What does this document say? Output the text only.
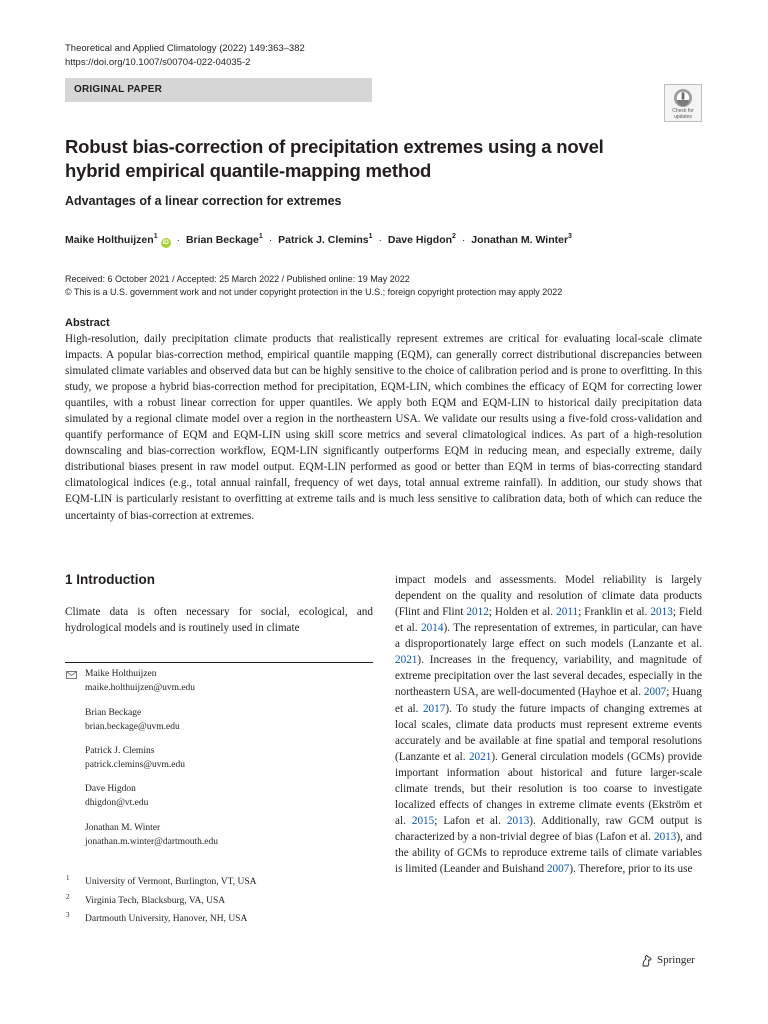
Theoretical and Applied Climatology (2022) 149:363–382
https://doi.org/10.1007/s00704-022-04035-2
ORIGINAL PAPER
Check for
updates
Robust bias-correction of precipitation extremes using a novel
hybrid empirical quantile-mapping method
Advantages of a linear correction for extremes
Maike Holthuijzen$^1$iD · Brian Beckage$^1$ · Patrick J. Clemins$^1$ · Dave Higdon$^2$ · Jonathan M. Winter$^3$
Received: 6 October 2021 / Accepted: 25 March 2022 / Published online: 19 May 2022
© This is a U.S. government work and not under copyright protection in the U.S.; foreign copyright protection may apply 2022
Abstract
High-resolution, daily precipitation climate products that realistically represent extremes are critical for evaluating local-scale climate impacts. A popular bias-correction method, empirical quantile mapping (EQM), can generally correct distributional discrepancies between simulated climate variables and observed data but can be highly sensitive to the choice of calibration period and is prone to overfitting. In this study, we propose a hybrid bias-correction method for precipitation, EQM-LIN, which combines the efficacy of EQM for correcting lower quantiles, with a robust linear correction for upper quantiles. We apply both EQM and EQM-LIN to historical daily precipitation data simulated by a regional climate model over a region in the northeastern USA. We validate our results using a five-fold cross-validation and quantify performance of EQM and EQM-LIN using skill score metrics and several climatological indices. As part of a high-resolution downscaling and bias-correction workflow, EQM-LIN significantly outperforms EQM in reducing mean, and especially extreme, daily distributional biases present in raw model output. EQM-LIN performed as good or better than EQM in terms of bias-correcting standard climatological indices (e.g., total annual rainfall, frequency of wet days, total annual extreme rainfall). In addition, our study shows that EQM-LIN is particularly resistant to overfitting at extreme tails and is much less sensitive to calibration data, both of which can reduce the uncertainty of bias-correction at extremes.
1 Introduction
Climate data is often necessary for social, ecological, and hydrological models and is routinely used in climate
impact models and assessments. Model reliability is largely dependent on the quality and resolution of climate data products (Flint and Flint 2012; Holden et al. 2011; Franklin et al. 2013; Field et al. 2014). The representation of extremes, in particular, can have a disproportionately large effect on such models (Lanzante et al. 2021). Increases in the frequency, variability, and magnitude of extreme precipitation over the last several decades, especially in the northeastern USA, are well-documented (Hayhoe et al. 2007; Huang et al. 2017). To study the future impacts of changing extremes at local scales, climate data products must represent extreme events accurately and be available at fine spatial and temporal resolutions (Lanzante et al. 2021). General circulation models (GCMs) provide important information about historical and future larger-scale climate trends, but their resolution is too coarse to investigate localized effects of changes in extreme climate events (Ekström et al. 2015; Lafon et al. 2013). Additionally, raw GCM output is characterized by a non-trivial degree of bias (Lafon et al. 2013), and the ability of GCMs to reproduce extreme tails of climate variables is limited (Leander and Buishand 2007). Therefore, prior to its use
Maike Holthuijzen
maike.holthuijzen@uvm.edu
Brian Beckage
brian.beckage@uvm.edu
Patrick J. Clemins
patrick.clemins@uvm.edu
Dave Higdon
dhigdon@vt.edu
Jonathan M. Winter
jonathan.m.winter@dartmouth.edu
1 University of Vermont, Burlington, VT, USA
2 Virginia Tech, Blacksburg, VA, USA
3 Dartmouth University, Hanover, NH, USA
Springer
